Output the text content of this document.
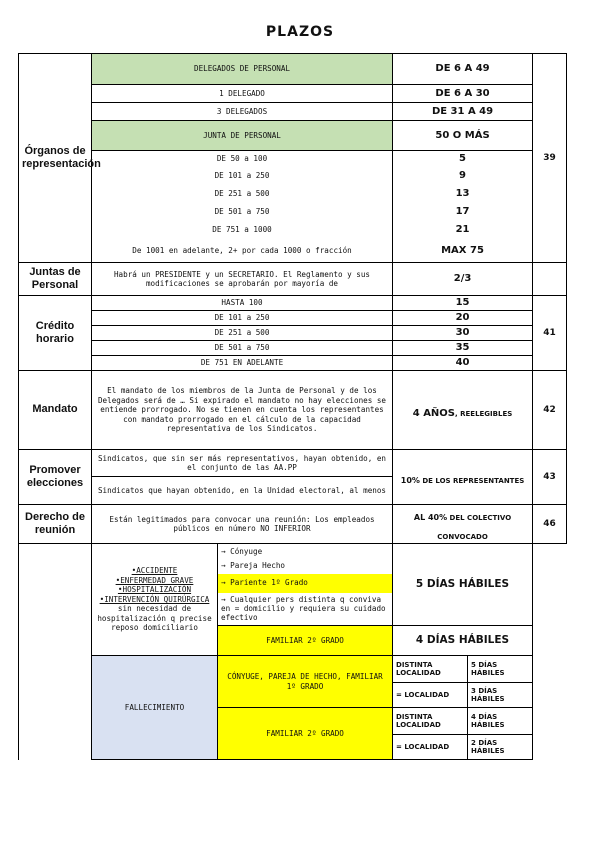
PLAZOS
Órganos de representación	DELEGADOS DE PERSONAL		DE 6 A 49		39
	1 DELEGADO		DE 6 A 30		
	3 DELEGADOS		DE 31 A 49		
	JUNTA DE PERSONAL		50 O MÁS		
	DE 50 a 100		5		
	DE 101 a 250		9		
	DE 251 a 500		13		
	DE 501 a 750		17		
	DE 751 a 1000		21		
	De 1001 en adelante, 2+ por cada 1000 o fracción		MAX 75		
Juntas de Personal	Habrá un PRESIDENTE y un SECRETARIO. El Reglamento y sus modificaciones se aprobarán por mayoría de		2/3		
Crédito horario	HASTA 100		15		41
	DE 101 a 250		20		
	DE 251 a 500		30		
	DE 501 a 750		35		
	DE 751 EN ADELANTE		40		
Mandato	El mandato de los miembros de la Junta de Personal y de los Delegados será de … Si expirado el mandato no hay elecciones se entiende prorrogado. No se tienen en cuenta los representantes con mandato prorrogado en el cálculo de la capacidad representativa de los Sindicatos.		4 AÑOS, REELEGIBLES		42
Promover elecciones	Sindicatos, que sin ser más representativos, hayan obtenido, en el conjunto de las AA.PP		10% DE LOS REPRESENTANTES		43
	Sindicatos que hayan obtenido, en la Unidad electoral, al menos				
Derecho de reunión	Están legitimados para convocar una reunión: Los empleados públicos en número NO INFERIOR		AL 40% DEL COLECTIVO CONVOCADO		46

	•ACCIDENTE
•ENFERMEDAD GRAVE
•HOSPITALIZACIÓN
•INTERVENCIÓN QUIRÚRGICA sin necesidad de hospitalización q precise reposo domiciliario	→ Cónyuge	5 DÍAS HÁBILES		
		→ Pareja Hecho			
		→ Pariente 1º Grado			
		→ Cualquier pers distinta q conviva en = domicilio y requiera su cuidado efectivo			
		FAMILIAR 2º GRADO	4 DÍAS HÁBILES		

	FALLECIMIENTO	CÓNYUGE, PAREJA DE HECHO, FAMILIAR 1º GRADO	DISTINTA LOCALIDAD	5 DÍAS HÁBILES	
			= LOCALIDAD	3 DÍAS HÁBILES	
		FAMILIAR 2º GRADO	DISTINTA LOCALIDAD	4 DÍAS HÁBILES	
			= LOCALIDAD	2 DÍAS HÁBILES	
